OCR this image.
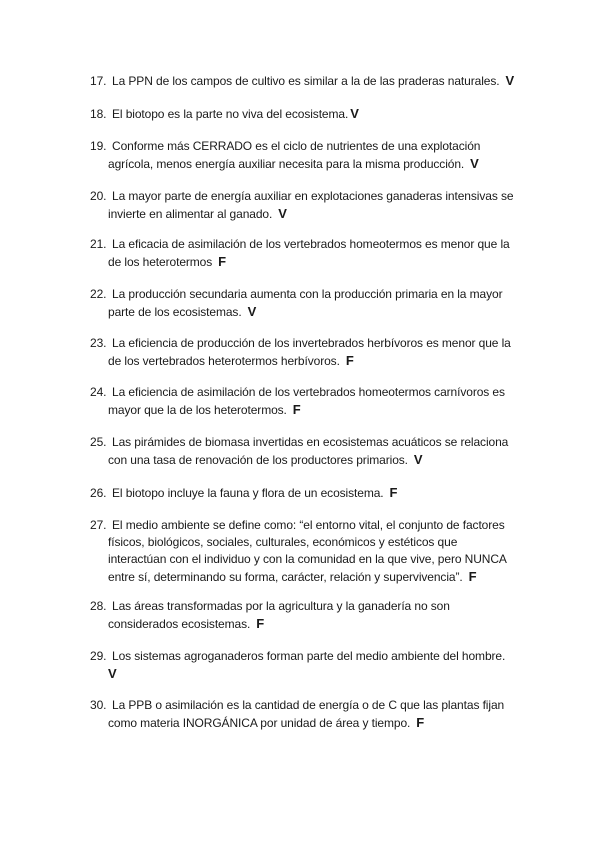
17. La PPN de los campos de cultivo es similar a la de las praderas naturales. V
18. El biotopo es la parte no viva del ecosistema. V
19. Conforme más CERRADO es el ciclo de nutrientes de una explotación
agrícola, menos energía auxiliar necesita para la misma producción. V
20. La mayor parte de energía auxiliar en explotaciones ganaderas intensivas se
invierte en alimentar al ganado. V
21. La eficacia de asimilación de los vertebrados homeotermos es menor que la
de los heterotermos F
22. La producción secundaria aumenta con la producción primaria en la mayor
parte de los ecosistemas. V
23. La eficiencia de producción de los invertebrados herbívoros es menor que la
de los vertebrados heterotermos herbívoros. F
24. La eficiencia de asimilación de los vertebrados homeotermos carnívoros es
mayor que la de los heterotermos. F
25. Las pirámides de biomasa invertidas en ecosistemas acuáticos se relaciona
con una tasa de renovación de los productores primarios. V
26. El biotopo incluye la fauna y flora de un ecosistema. F
27. El medio ambiente se define como: “el entorno vital, el conjunto de factores
físicos, biológicos, sociales, culturales, económicos y estéticos que
interactúan con el individuo y con la comunidad en la que vive, pero NUNCA
entre sí, determinando su forma, carácter, relación y supervivencia”. F
28. Las áreas transformadas por la agricultura y la ganadería no son
considerados ecosistemas. F
29. Los sistemas agroganaderos forman parte del medio ambiente del hombre.
V
30. La PPB o asimilación es la cantidad de energía o de C que las plantas fijan
como materia INORGÁNICA por unidad de área y tiempo. F
